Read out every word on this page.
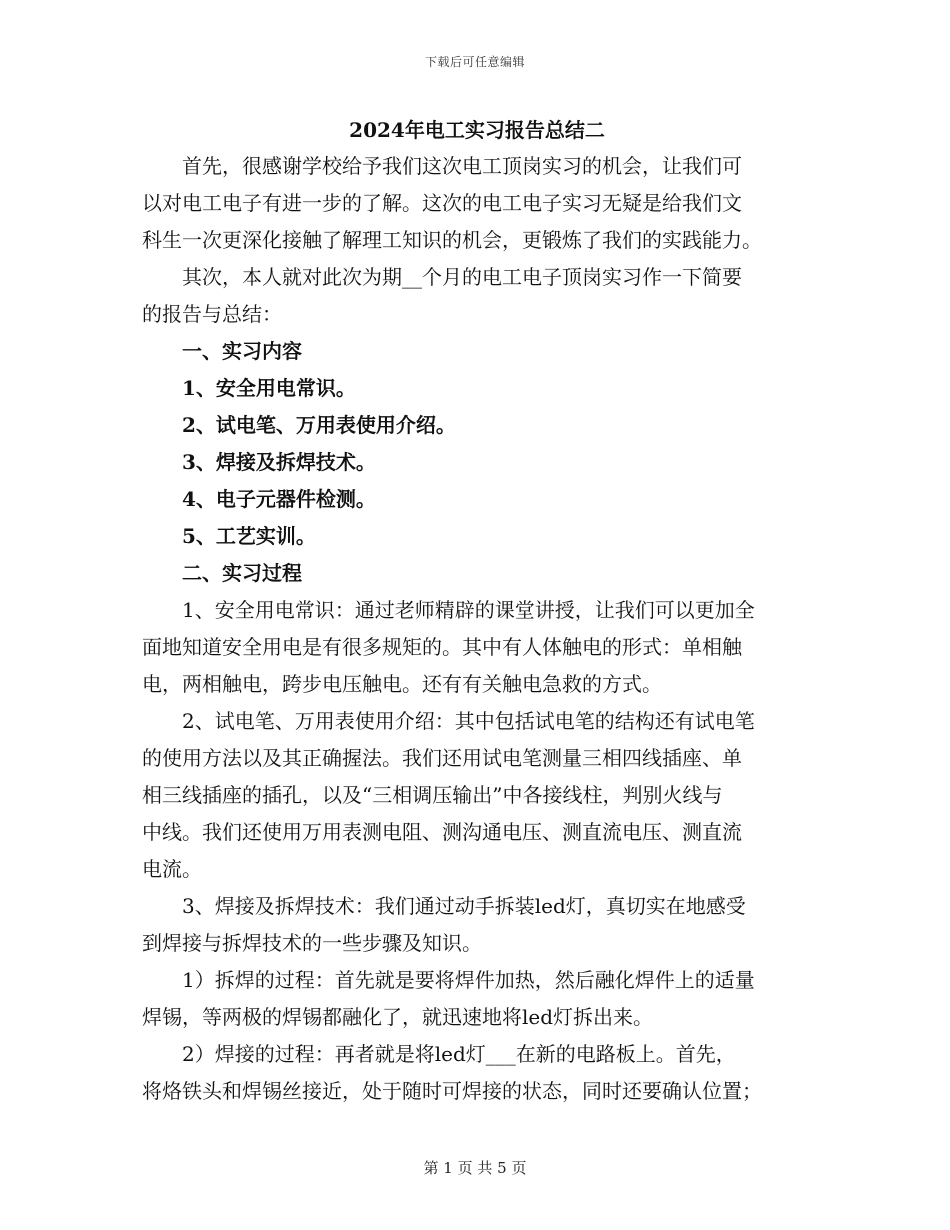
下载后可任意编辑
2024年电工实习报告总结二
首先，很感谢学校给予我们这次电工顶岗实习的机会，让我们可
以对电工电子有进一步的了解。这次的电工电子实习无疑是给我们文
科生一次更深化接触了解理工知识的机会，更锻炼了我们的实践能力。
其次，本人就对此次为期__个月的电工电子顶岗实习作一下简要
的报告与总结：
一、实习内容
1、安全用电常识。
2、试电笔、万用表使用介绍。
3、焊接及拆焊技术。
4、电子元器件检测。
5、工艺实训。
二、实习过程
1、安全用电常识：通过老师精辟的课堂讲授，让我们可以更加全
面地知道安全用电是有很多规矩的。其中有人体触电的形式：单相触
电，两相触电，跨步电压触电。还有有关触电急救的方式。
2、试电笔、万用表使用介绍：其中包括试电笔的结构还有试电笔
的使用方法以及其正确握法。我们还用试电笔测量三相四线插座、单
相三线插座的插孔，以及“三相调压输出”中各接线柱，判别火线与
中线。我们还使用万用表测电阻、测沟通电压、测直流电压、测直流
电流。
3、焊接及拆焊技术：我们通过动手拆装led灯，真切实在地感受
到焊接与拆焊技术的一些步骤及知识。
1）拆焊的过程：首先就是要将焊件加热，然后融化焊件上的适量
焊锡，等两极的焊锡都融化了，就迅速地将led灯拆出来。
2）焊接的过程：再者就是将led灯___在新的电路板上。首先，
将烙铁头和焊锡丝接近，处于随时可焊接的状态，同时还要确认位置；
第 1 页 共 5 页
